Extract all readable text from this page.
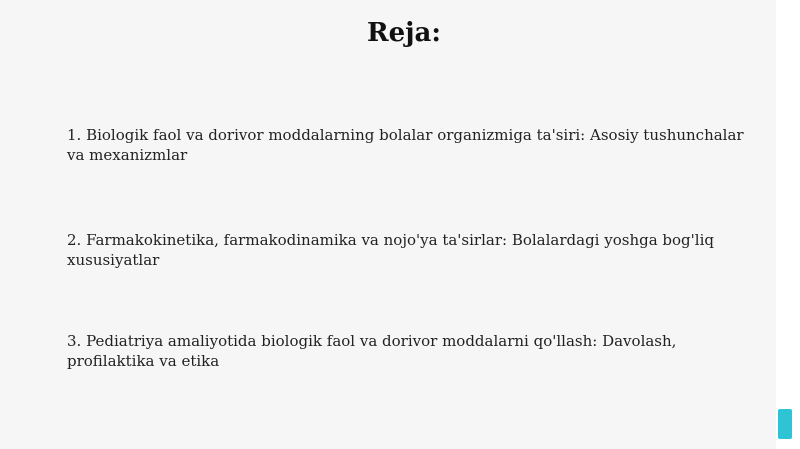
Reja:
1. Biologik faol va dorivor moddalarning bolalar organizmiga ta'siri: Asosiy tushunchalar va mexanizmlar
2. Farmakokinetika, farmakodinamika va nojo'ya ta'sirlar: Bolalardagi yoshga bog'liq xususiyatlar
3. Pediatriya amaliyotida biologik faol va dorivor moddalarni qo'llash: Davolash, profilaktika va etika
